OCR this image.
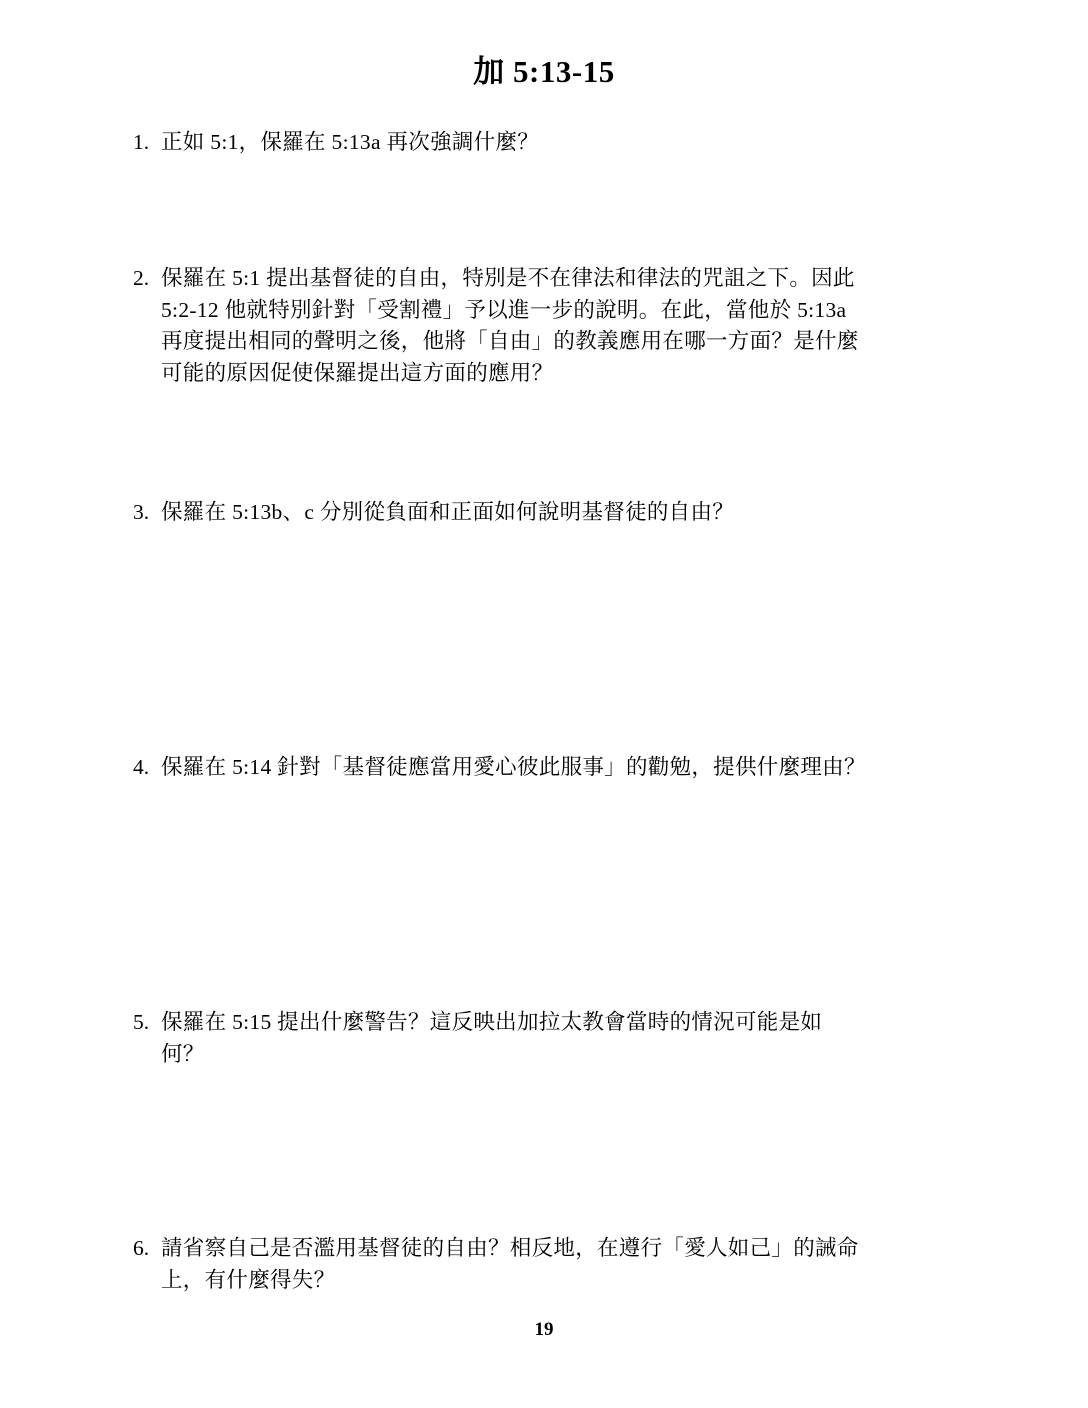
加 5:13-15
1. 正如 5:1，保羅在 5:13a 再次強調什麼？
2. 保羅在 5:1 提出基督徒的自由，特別是不在律法和律法的咒詛之下。因此
5:2-12 他就特別針對「受割禮」予以進一步的說明。在此，當他於 5:13a
再度提出相同的聲明之後，他將「自由」的教義應用在哪一方面？是什麼
可能的原因促使保羅提出這方面的應用？
3. 保羅在 5:13b、c 分別從負面和正面如何說明基督徒的自由？
4. 保羅在 5:14 針對「基督徒應當用愛心彼此服事」的勸勉，提供什麼理由？
5. 保羅在 5:15 提出什麼警告？這反映出加拉太教會當時的情況可能是如
何？
6. 請省察自己是否濫用基督徒的自由？相反地，在遵行「愛人如己」的誡命
上，有什麼得失？
19
